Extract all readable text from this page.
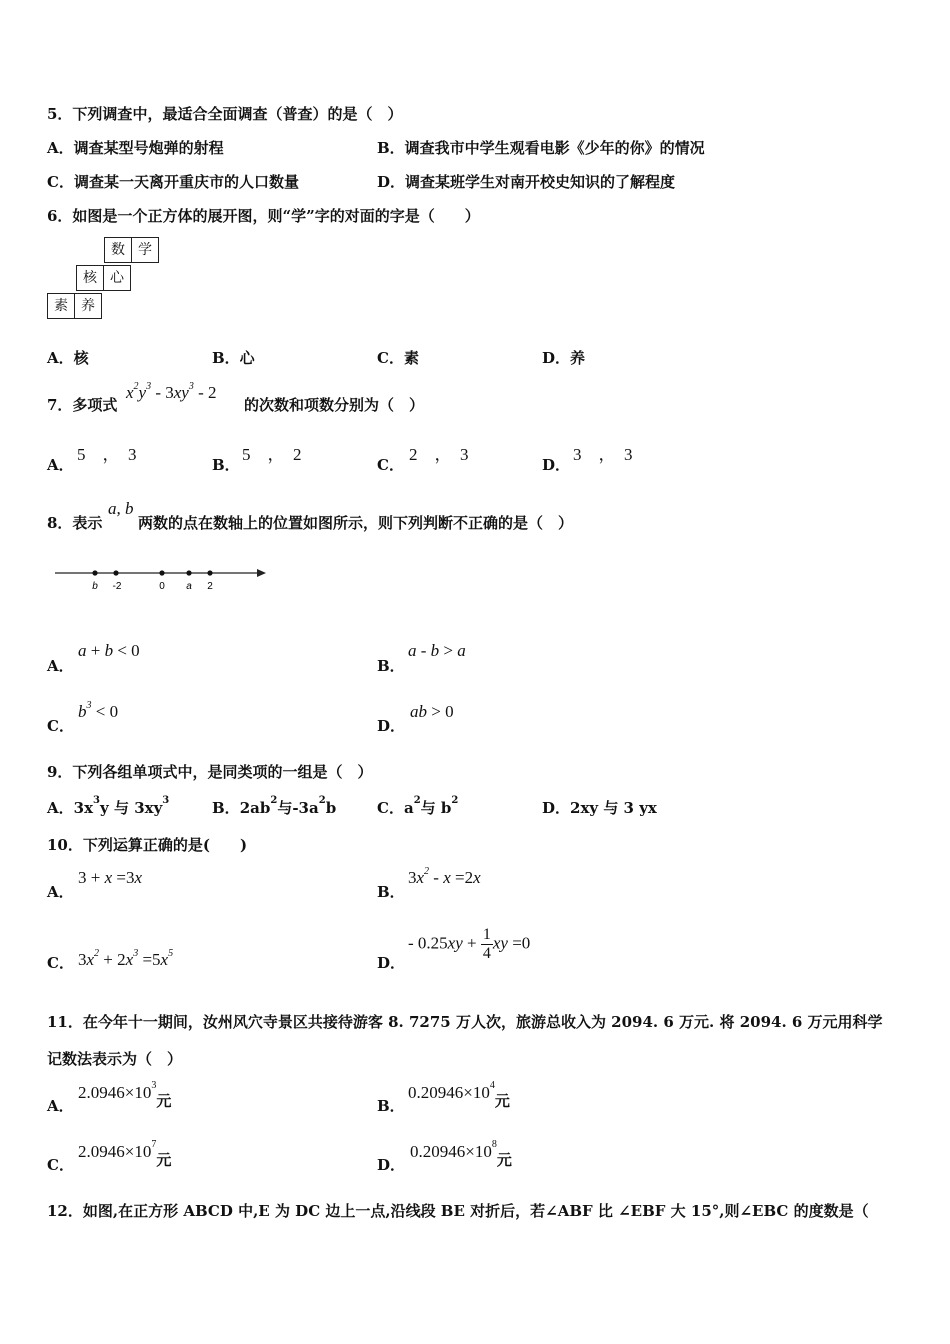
5．下列调查中，最适合全面调查（普查）的是（　）
A．调查某型号炮弹的射程	B．调查我市中学生观看电影《少年的你》的情况
C．调查某一天离开重庆市的人口数量	D．调查某班学生对南开校史知识的了解程度
6．如图是一个正方体的展开图，则“学”字的对面的字是（　　）
数 学
核 心
素 养
A．核	B．心	C．素	D．养
7．多项式
$x^2y^3 - 3xy^3 - 2$
的次数和项数分别为（　）
A．
5　，　3
B．
5　，　2
C．
2　，　3
D．
3　，　3
8．表示
a, b
两数的点在数轴上的位置如图所示，则下列判断不正确的是（　）
b -2	0 a 2
A．
a + b < 0
B．
a - b > a
C．
$b^3 < 0$
D．
ab > 0
9．下列各组单项式中，是同类项的一组是（　）
A．$3x^3y$ 与 $3xy^3$	B．$2ab^2$与$-3a^2b$	C．$a^2$与 $b^2$	D．2xy 与 3 yx
10．下列运算正确的是(　　)
A．
3 + x =3x
B．
$3x^2 - x =2x$
C． $3x^2 + 2x^3 =5x^5$
D．
- $0.25xy + \frac{1}{4}$ xy =0
11．在今年十一期间，汝州风穴寺景区共接待游客 8. 7275 万人次，旅游总收入为 2094. 6 万元. 将 2094. 6 万元用科学
记数法表示为（　）
A．
$2.0946\times 10^3$元	B．
$0.20946\times 10^4$元
C．
$2.0946\times 10^7$元	D．
$0.20946\times 10^8$元
12．如图,在正方形 ABCD 中,E 为 DC 边上一点,沿线段 BE 对折后，若∠ABF 比 ∠EBF 大 15°,则∠EBC 的度数是（
